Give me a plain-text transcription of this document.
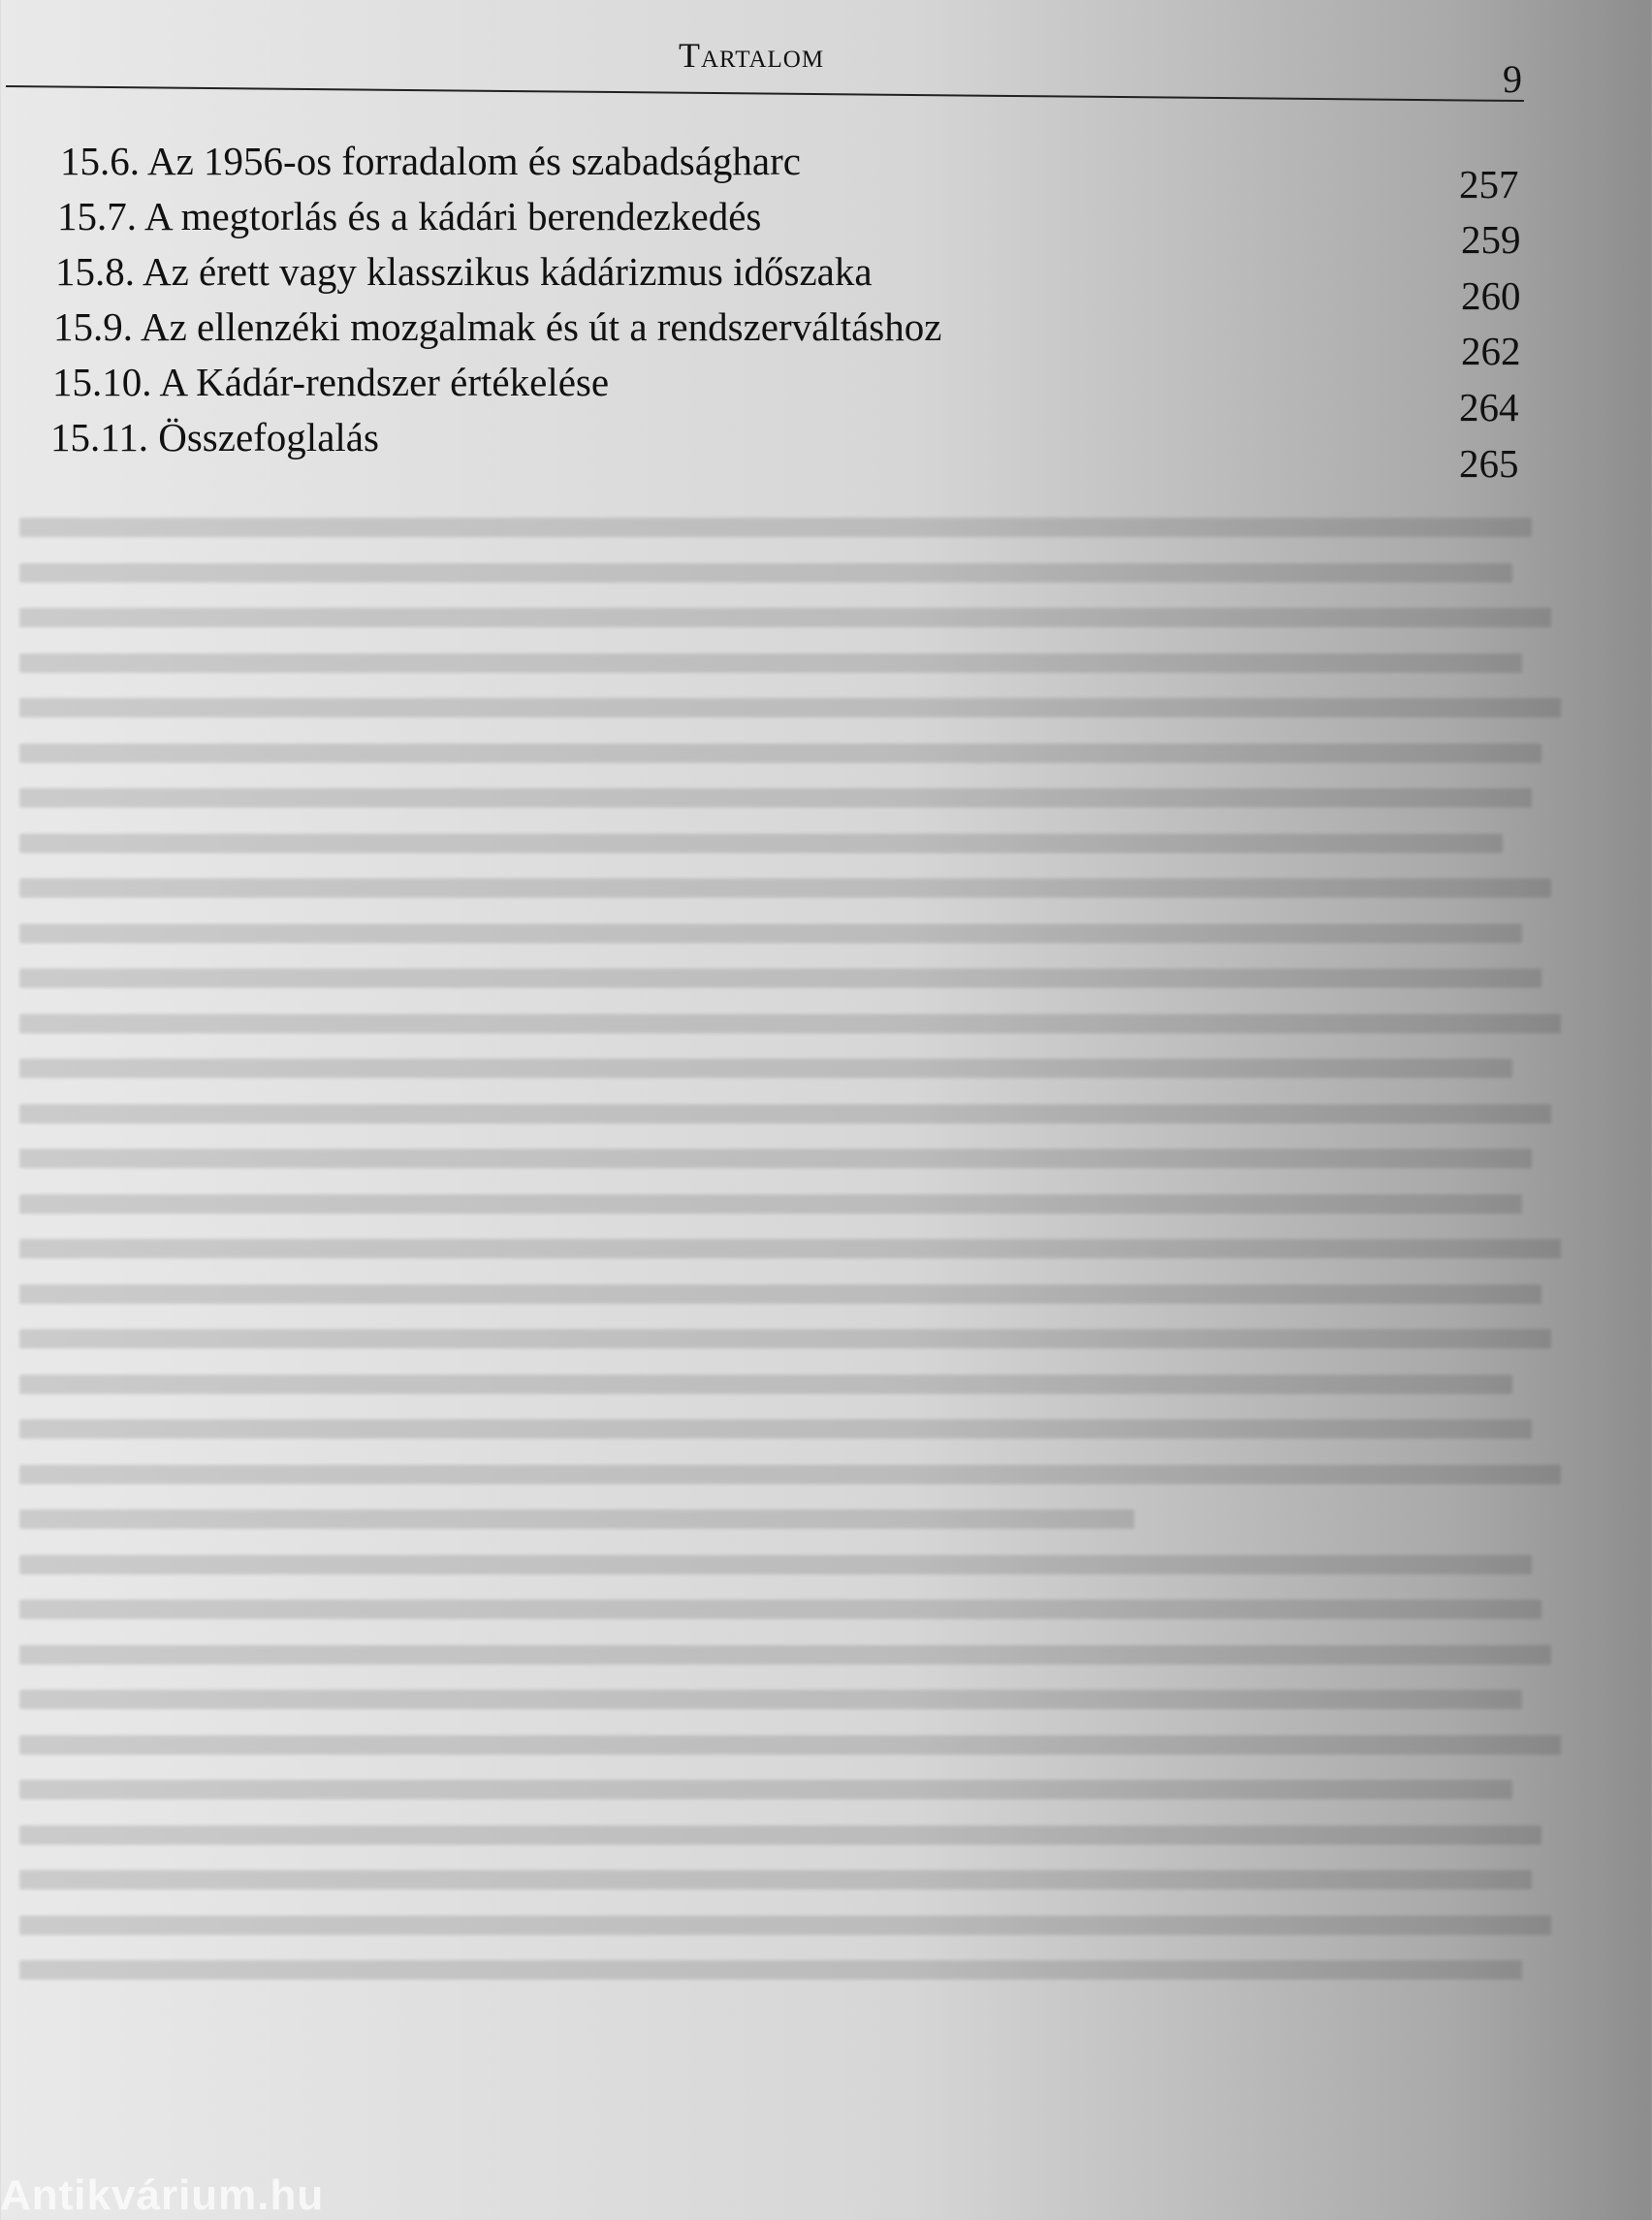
Tartalom
9
15.6. Az 1956-os forradalom és szabadságharc
257
15.7. A megtorlás és a kádári berendezkedés
259
15.8. Az érett vagy klasszikus kádárizmus időszaka
260
15.9. Az ellenzéki mozgalmak és út a rendszerváltáshoz
262
15.10. A Kádár-rendszer értékelése
264
15.11. Összefoglalás
265
Antikvárium.hu
